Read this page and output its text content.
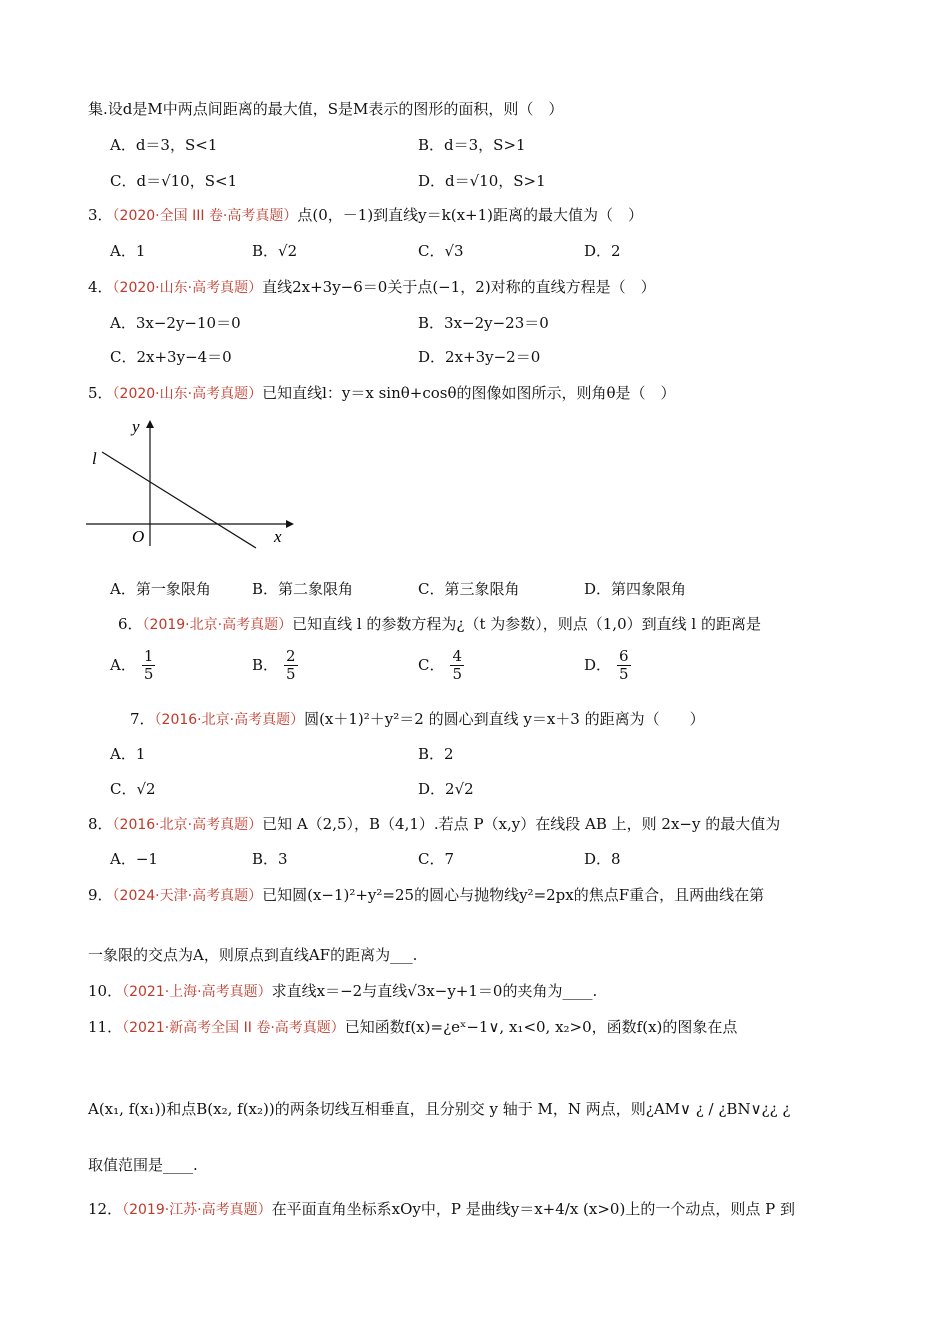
集.设d是M中两点间距离的最大值，S是M表示的图形的面积，则（　）
A．d＝3，S<1	B．d＝3，S>1
C．d＝√10，S<1	D．d＝√10，S>1
3．（2020·全国 III 卷·高考真题）点(0，－1)到直线y＝k(x+1)距离的最大值为（　）
A．1	B．√2	C．√3	D．2
4．（2020·山东·高考真题）直线2x+3y−6＝0关于点(−1，2)对称的直线方程是（　）
A．3x−2y−10＝0	B．3x−2y−23＝0
C．2x+3y−4＝0	D．2x+3y−2＝0
5．（2020·山东·高考真题）已知直线l：y＝x sinθ+cosθ的图像如图所示，则角θ是（　）
y
x
O
l
A．第一象限角	B．第二象限角	C．第三象限角	D．第四象限角
6．（2019·北京·高考真题）已知直线 l 的参数方程为¿（t 为参数），则点（1,0）到直线 l 的距离是
A． $\frac{1}{5}$	B． $\frac{2}{5}$	C． $\frac{4}{5}$	D． $\frac{6}{5}$
7．（2016·北京·高考真题）圆(x＋1)²＋y²＝2 的圆心到直线 y＝x＋3 的距离为（　　）
A．1	B．2
C．√2	D．2√2
8．（2016·北京·高考真题）已知 A（2,5），B（4,1）.若点 P（x,y）在线段 AB 上，则 2x−y 的最大值为
A．−1	B．3	C．7	D．8
9．（2024·天津·高考真题）已知圆(x−1)²+y²=25的圆心与抛物线y²=2px的焦点F重合，且两曲线在第
一象限的交点为A，则原点到直线AF的距离为___.
10．（2021·上海·高考真题）求直线x＝−2与直线√3x−y+1＝0的夹角为____.
11．（2021·新高考全国 II 卷·高考真题）已知函数f(x)=¿eˣ−1∨, x₁<0, x₂>0，函数f(x)的图象在点
A(x₁, f(x₁))和点B(x₂, f(x₂))的两条切线互相垂直，且分别交 y 轴于 M，N 两点，则¿AM∨ ¿ / ¿BN∨¿¿ ¿
取值范围是____.
12．（2019·江苏·高考真题）在平面直角坐标系xOy中，P 是曲线y＝x+4/x (x>0)上的一个动点，则点 P 到
